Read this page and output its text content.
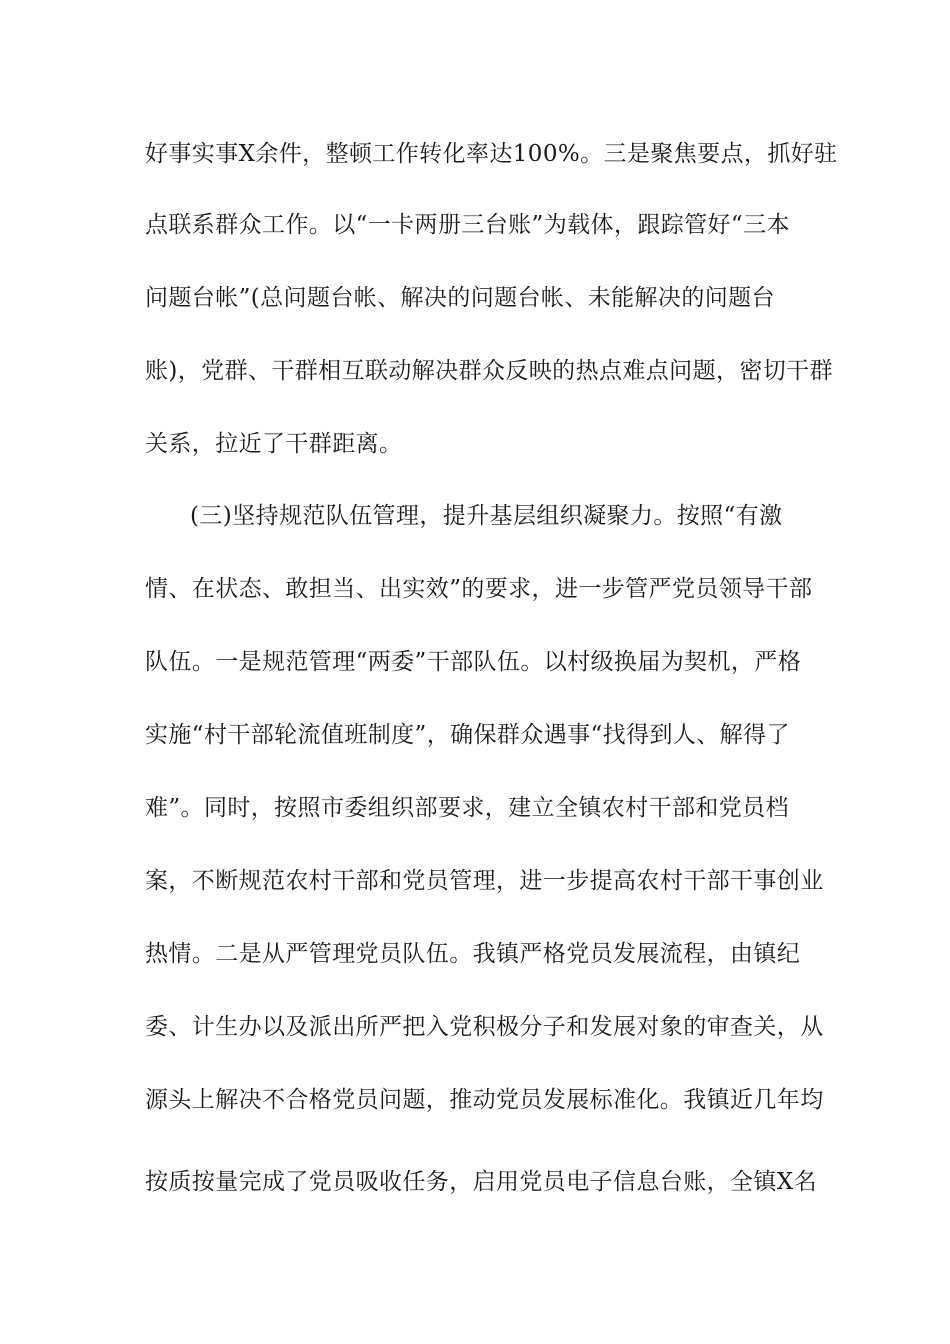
好事实事X余件，整顿工作转化率达100%。三是聚焦要点，抓好驻
点联系群众工作。以“一卡两册三台账”为载体，跟踪管好“三本
问题台帐”(总问题台帐、解决的问题台帐、未能解决的问题台
账)，党群、干群相互联动解决群众反映的热点难点问题，密切干群
关系，拉近了干群距离。
(三)坚持规范队伍管理，提升基层组织凝聚力。按照“有激
情、在状态、敢担当、出实效”的要求，进一步管严党员领导干部
队伍。一是规范管理“两委”干部队伍。以村级换届为契机，严格
实施“村干部轮流值班制度”，确保群众遇事“找得到人、解得了
难”。同时，按照市委组织部要求，建立全镇农村干部和党员档
案，不断规范农村干部和党员管理，进一步提高农村干部干事创业
热情。二是从严管理党员队伍。我镇严格党员发展流程，由镇纪
委、计生办以及派出所严把入党积极分子和发展对象的审查关，从
源头上解决不合格党员问题，推动党员发展标准化。我镇近几年均
按质按量完成了党员吸收任务，启用党员电子信息台账，全镇X名
